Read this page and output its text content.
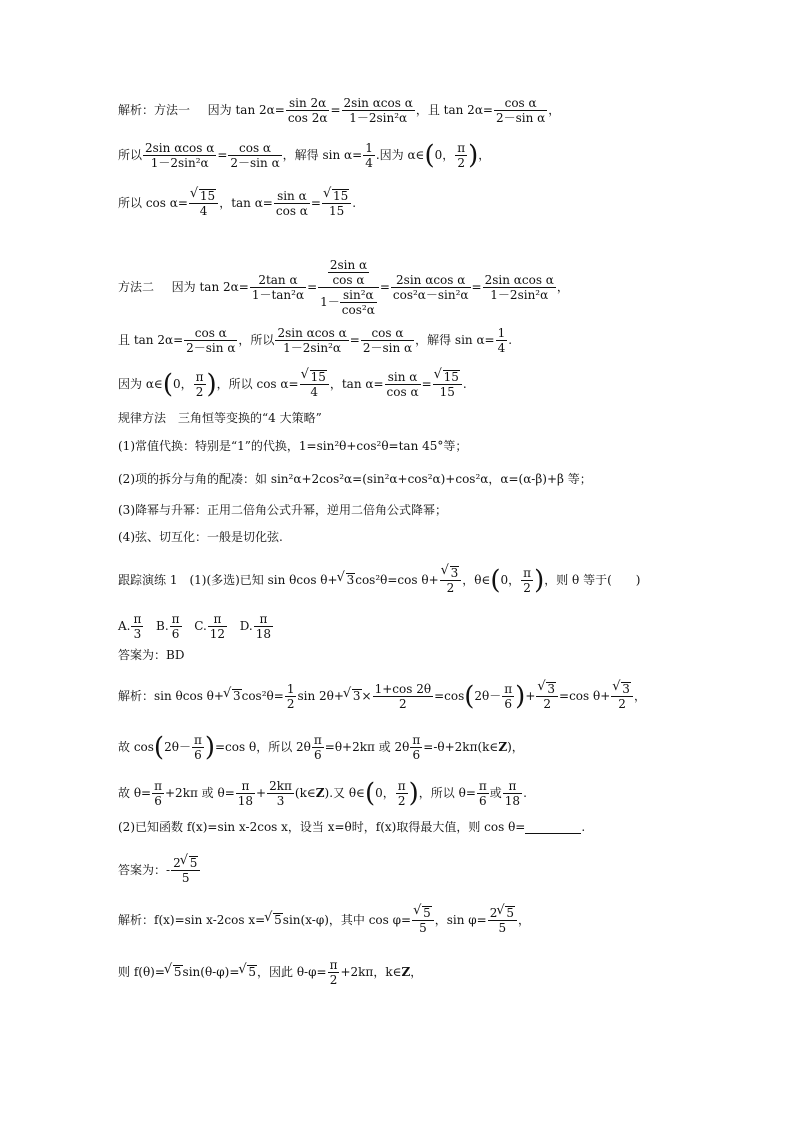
解析：方法一 因为 $\tan 2\alpha= \frac{\sin 2\alpha}{\cos 2\alpha} = \frac{\text{2sin αcos α}}{\text{1－2sin²α}}$ ，且 $\tan 2\alpha= \frac{\text{cos α}}{\text{2－sin α}}$ ，
所以 $\frac{\text{2sin αcos α}}{\text{1－2sin²α}} = \frac{\text{cos α}}{\text{2－sin α}}$ ，解得 $\sin \alpha= \frac{1}{4}$ .因为 α∈(0， $\frac{\pi}{2}$ )，
所以 cos α= √ $\frac{15}{4}$ ，$\tan \alpha= \frac{\text{sin α}}{\text{cos α}}$ = √ $\frac{15}{15}$ .
方法二 因为 $\tan 2\alpha= \frac{\text{2tan α}}{\text{1－tan²α}} = \frac{\frac{\text{2sin α}}{\text{cos α}}}{1- \frac{\text{sin²α}}{\text{cos²α}}} = \frac{\text{2sin αcos α}}{\text{cos²α－sin²α}} = \frac{\text{2sin αcos α}}{\text{1－2sin²α}}$ ，
且 $\tan 2\alpha= \frac{\text{cos α}}{\text{2－sin α}}$ ，所以 $\frac{\text{2sin αcos α}}{\text{1－2sin²α}} = \frac{\text{cos α}}{\text{2－sin α}}$ ，解得 $\sin \alpha= \frac{1}{4}$ .
因为 α∈(0， $\frac{\pi}{2}$ )，所以 cos α= √ $\frac{15}{4}$ ，$\tan \alpha= \frac{\text{sin α}}{\text{cos α}}$ = √ $\frac{15}{15}$ .
规律方法　三角恒等变换的“4 大策略”
(1)常值代换：特别是“1”的代换，1=sin²θ+cos²θ=tan 45°等；
(2)项的拆分与角的配凑：如 sin²α+2cos²α=(sin²α+cos²α)+cos²α，α=(α-β)+β 等；
(3)降幂与升幂：正用二倍角公式升幂，逆用二倍角公式降幂；
(4)弦、切互化：一般是切化弦.
跟踪演练 1　(1)(多选)已知 sin θcos θ+ √ 3cos²θ=cos θ+ √ $\frac{3}{2}$ ，θ∈(0， $\frac{\pi}{2}$ )，则 θ 等于(　　)
A. $\frac{\pi}{3} B$. $\frac{\pi}{6} C$. $\frac{\pi}{12} D$. $\frac{\pi}{18}$
答案为：BD
解析：sin θcos θ+ √ $3\cos^2\theta= \frac{1}{2}$ sin 2θ+ √ $3\times \frac{1+\cos 2\theta}{2} =\cos(2\theta- \frac{\pi}{6}$ )+ √ $\frac{3}{2} =\cos$ θ+ √ $\frac{3}{2}$ ，
故 $\cos(2\theta- \frac{\pi}{6} )=\cos$ θ，所以 $2\theta \frac{\pi}{6} =\theta+2k\pi$ 或 $2\theta \frac{\pi}{6}$ =-θ+2kπ(k∈Z)，
故 $\theta= \frac{\pi}{6} +2k\pi$ 或 $\theta= \frac{\pi}{18} + \frac{2k\pi}{3}$ (k∈Z).又 θ∈(0， $\frac{\pi}{2}$ )，所以 $\theta= \frac{\pi}{6}$ 或 $\frac{\pi}{18}$ .
(2)已知函数 f(x)=sin x-2cos x，设当 x=θ时，f(x)取得最大值，则 cos θ=	.
答案为：- $\frac{2 √ 5}{5}$
解析：f(x)=sin x-2cos x= √ 5sin(x-φ)，其中 cos φ= √ $\frac{5}{5}$ ，$\sin \varphi= \frac{2 √ 5}{5}$ ，
则 f(θ)= √ 5sin(θ-φ)= √ 5，因此 $\theta-\varphi= \frac{\pi}{2} +2k\pi$，k∈Z，
